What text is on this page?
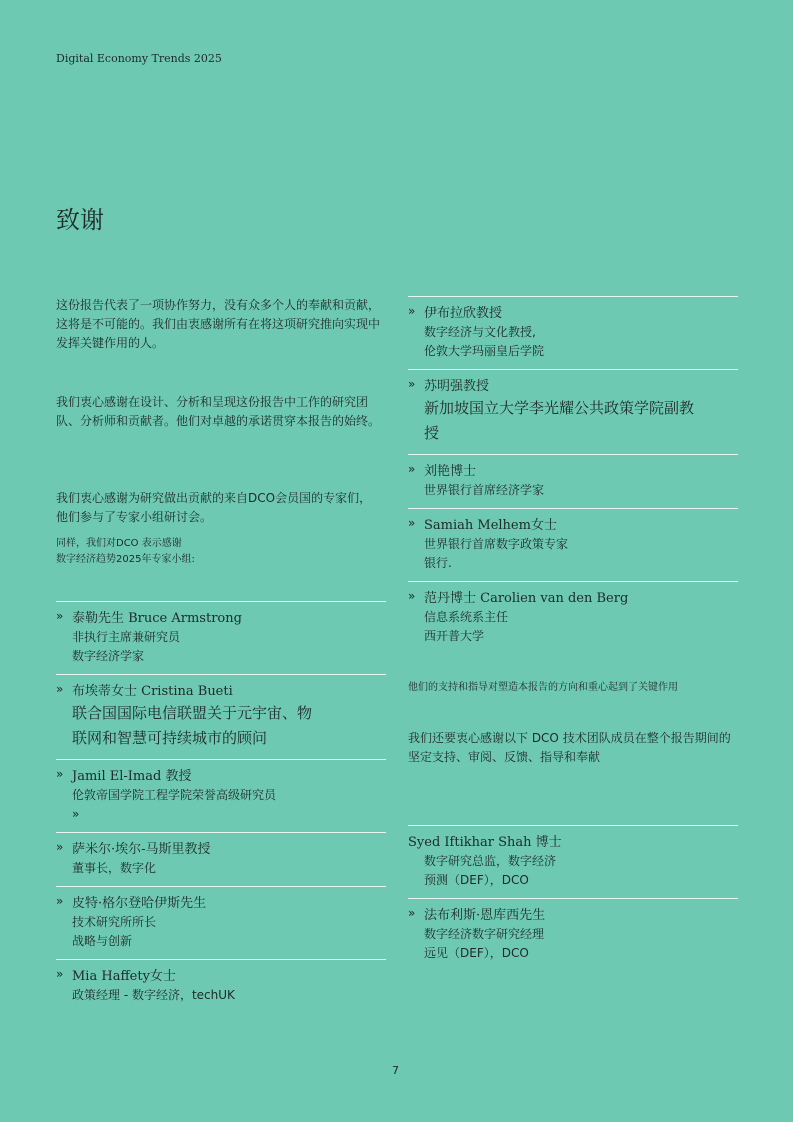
Digital Economy Trends 2025
致谢
这份报告代表了一项协作努力，没有众多个人的奉献和贡献，这将是不可能的。我们由衷感谢所有在将这项研究推向实现中发挥关键作用的人。
我们衷心感谢在设计、分析和呈现这份报告中工作的研究团队、分析师和贡献者。他们对卓越的承诺贯穿本报告的始终。
我们衷心感谢为研究做出贡献的来自DCO会员国的专家们，他们参与了专家小组研讨会。
同样，我们对DCO 表示感谢
数字经济趋势2025年专家小组:
» 泰勒先生 Bruce Armstrong
非执行主席兼研究员
数字经济学家
» 布埃蒂女士 Cristina Bueti
联合国国际电信联盟关于元宇宙、物
联网和智慧可持续城市的顾问
» Jamil El-Imad 教授
伦敦帝国学院工程学院荣誉高级研究员
»
» 萨米尔·埃尔-马斯里教授
董事长，数字化
» 皮特·格尔登哈伊斯先生
技术研究所所长
战略与创新
» Mia Haffety女士
政策经理 - 数字经济，techUK
» 伊布拉欣教授
数字经济与文化教授,
伦敦大学玛丽皇后学院
» 苏明强教授
新加坡国立大学李光耀公共政策学院副教
授
» 刘艳博士
世界银行首席经济学家
» Samiah Melhem女士
世界银行首席数字政策专家
银行.
» 范丹博士 Carolien van den Berg
信息系统系主任
西开普大学
他们的支持和指导对塑造本报告的方向和重心起到了关键作用
我们还要衷心感谢以下 DCO 技术团队成员在整个报告期间的坚定支持、审阅、反馈、指导和奉献
Syed Iftikhar Shah 博士
数字研究总监，数字经济
预测（DEF），DCO
» 法布利斯·恩库西先生
数字经济数字研究经理
远见（DEF），DCO
7
